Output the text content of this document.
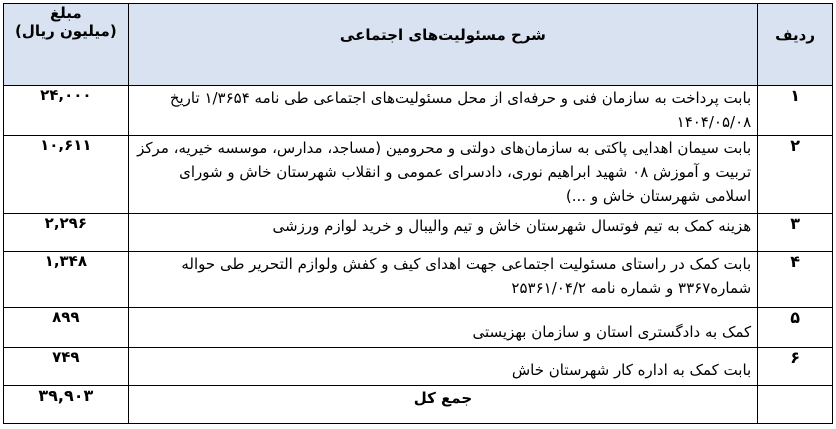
ردیف	شرح مسئولیت‌های اجتماعی	مبلغ
(میلیون ریال)

۱	بابت پرداخت به سازمان فنی و حرفه‌ای از محل مسئولیت‌های اجتماعی طی نامه ۱/۳۶۵۴ تاریخ ۱۴۰۴/۰۵/۰۸	۲۴,۰۰۰
۲	بابت سیمان اهدایی پاکتی به سازمان‌های دولتی و محرومین (مساجد، مدارس، موسسه خیریه، مرکز تربیت و آموزش ۰۸ شهید ابراهیم نوری، دادسرای عمومی و انقلاب شهرستان خاش و شورای اسلامی شهرستان خاش و ...)	۱۰,۶۱۱
۳	هزینه کمک به تیم فوتسال شهرستان خاش و تیم والیبال و خرید لوازم ورزشی	۲,۲۹۶
۴	بابت کمک در راستای مسئولیت اجتماعی جهت اهدای کیف و کفش ولوازم التحریر طی حواله شماره۳۳۶۷ و شماره نامه ۲۵۳۶۱/۰۴/۲	۱,۳۴۸
۵	کمک به دادگستری استان و سازمان بهزیستی	۸۹۹
۶	بابت کمک به اداره کار شهرستان خاش	۷۴۹
	جمع کل	۳۹,۹۰۳
